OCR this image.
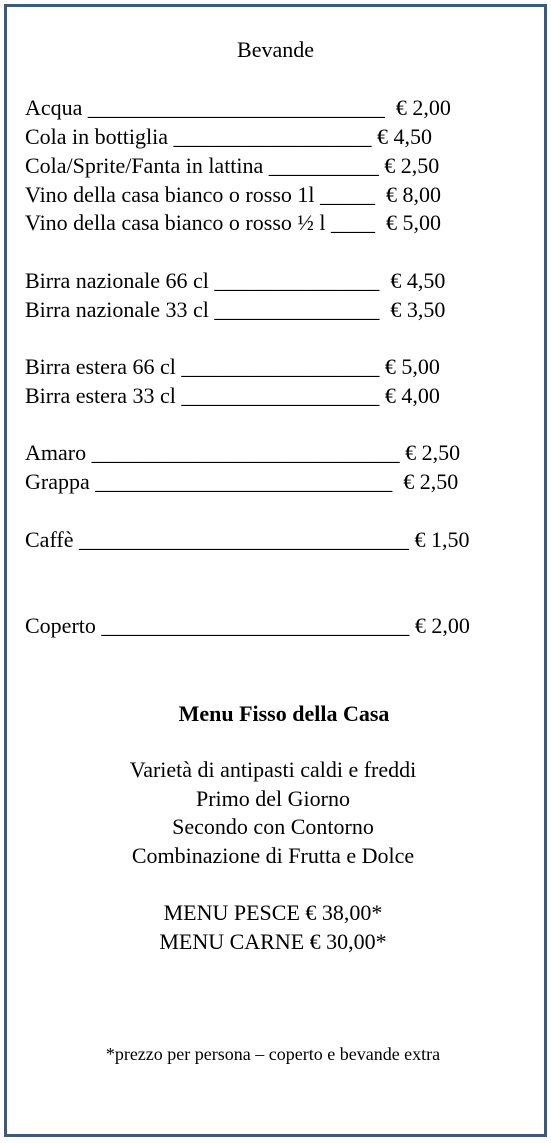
Bevande
Acqua ___________________________  € 2,00
Cola in bottiglia __________________ € 4,50
Cola/Sprite/Fanta in lattina __________ € 2,50
Vino della casa bianco o rosso 1l _____  € 8,00
Vino della casa bianco o rosso ½ l ____  € 5,00
Birra nazionale 66 cl _______________  € 4,50
Birra nazionale 33 cl _______________  € 3,50
Birra estera 66 cl __________________ € 5,00
Birra estera 33 cl __________________ € 4,00
Amaro ____________________________ € 2,50
Grappa ___________________________  € 2,50
Caffè ______________________________ € 1,50
Coperto ____________________________ € 2,00
Menu Fisso della Casa
Varietà di antipasti caldi e freddi
Primo del Giorno
Secondo con Contorno
Combinazione di Frutta e Dolce
MENU PESCE € 38,00*
MENU CARNE € 30,00*
*prezzo per persona – coperto e bevande extra
